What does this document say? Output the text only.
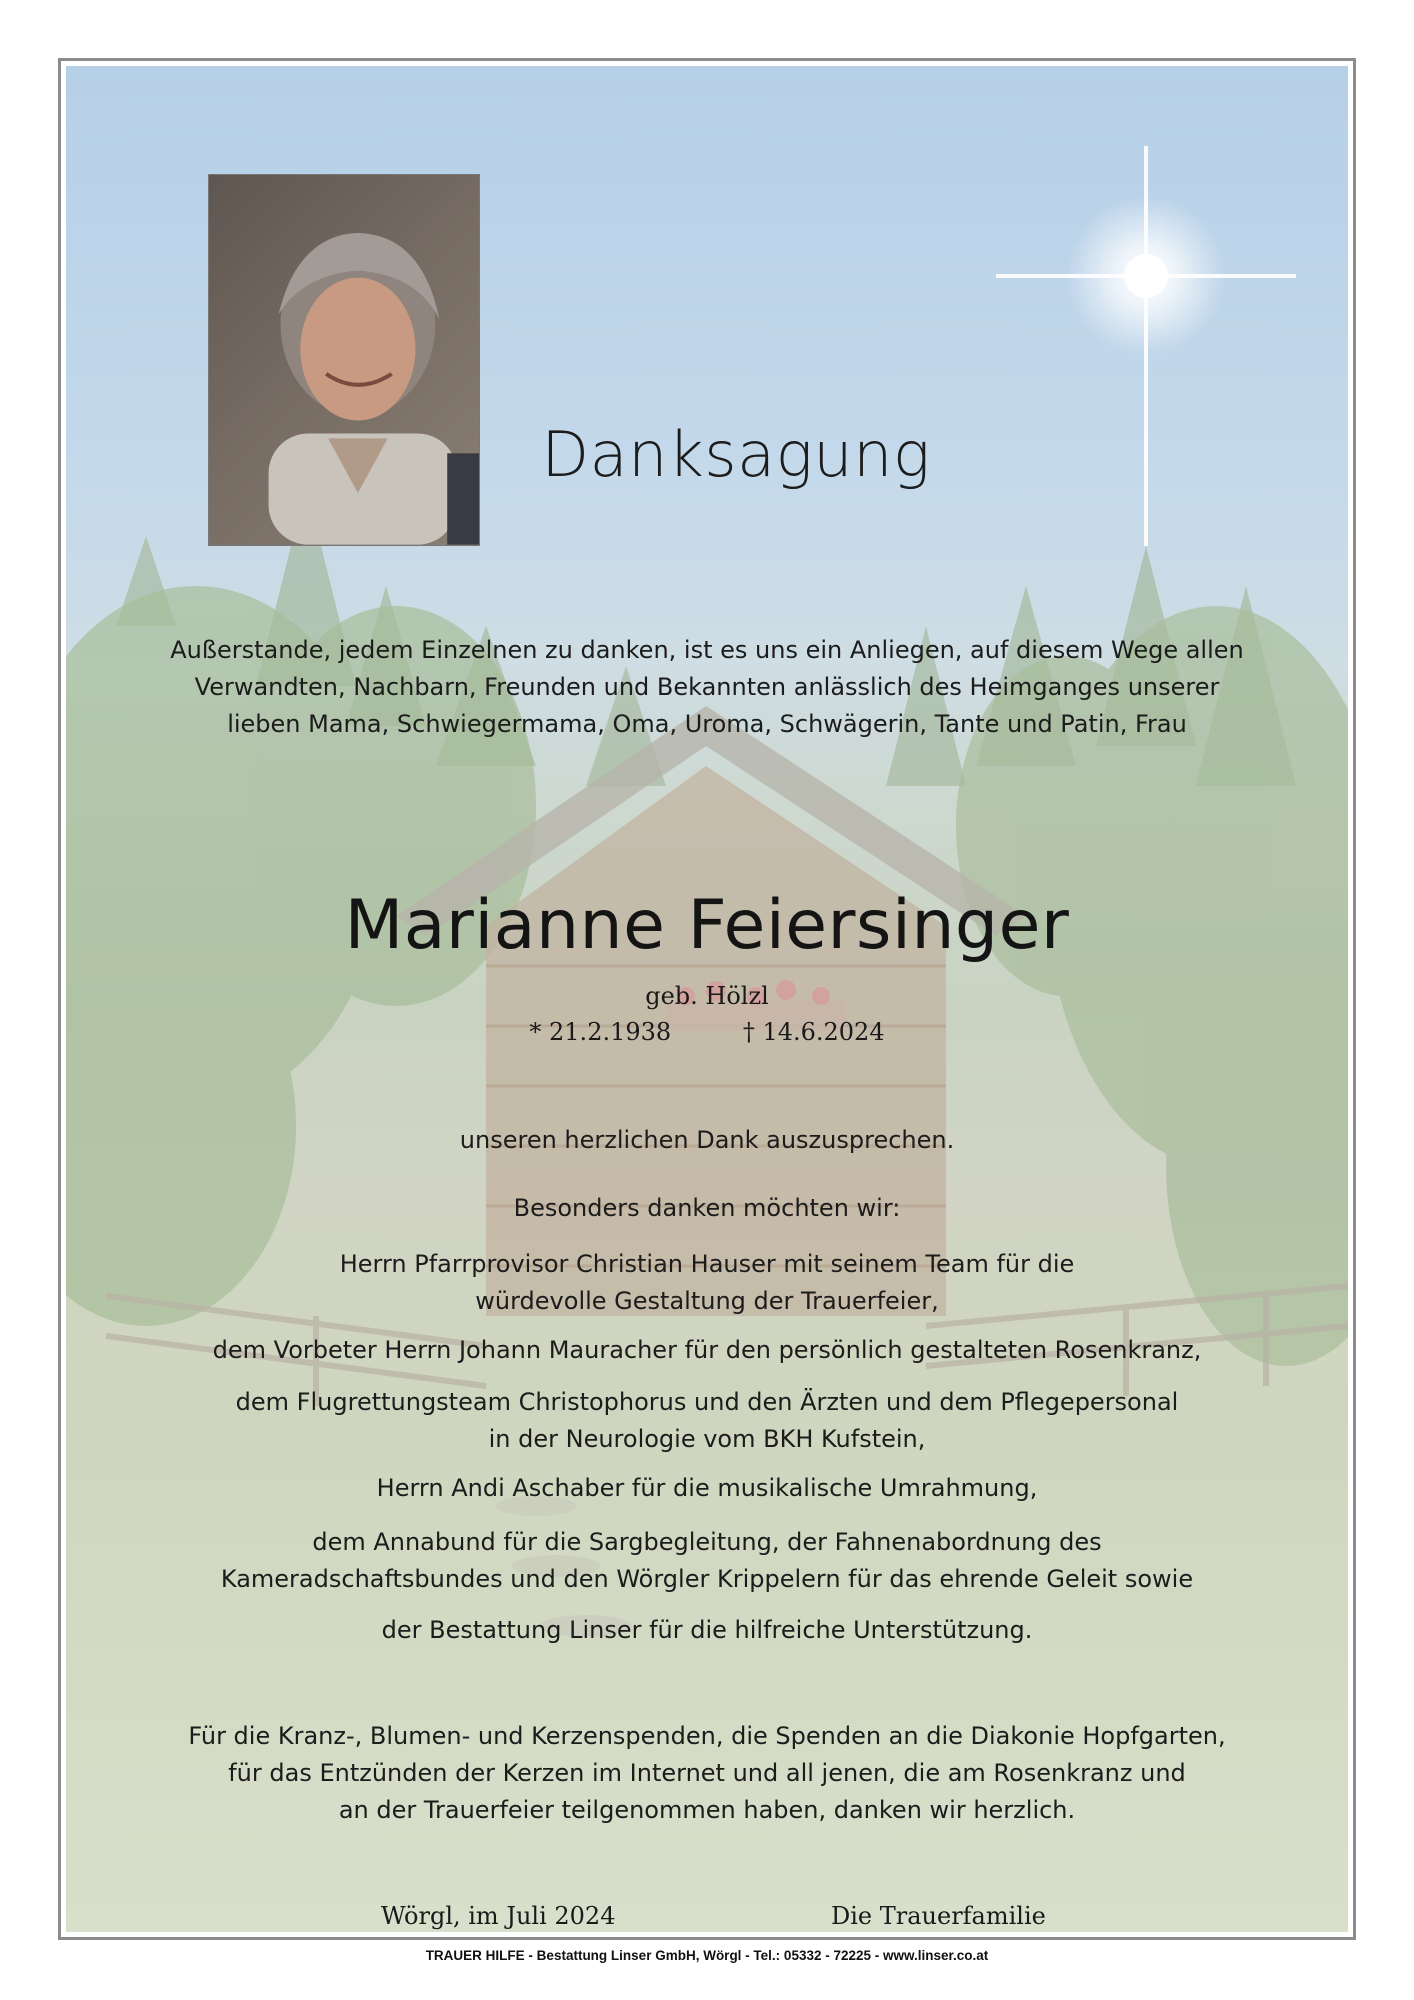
Danksagung
Außerstande, jedem Einzelnen zu danken, ist es uns ein Anliegen, auf diesem Wege allen
Verwandten, Nachbarn, Freunden und Bekannten anlässlich des Heimganges unserer
lieben Mama, Schwiegermama, Oma, Uroma, Schwägerin, Tante und Patin, Frau
Marianne Feiersinger
geb. Hölzl
* 21.2.1938	† 14.6.2024
unseren herzlichen Dank auszusprechen.
Besonders danken möchten wir:
Herrn Pfarrprovisor Christian Hauser mit seinem Team für die
würdevolle Gestaltung der Trauerfeier,
dem Vorbeter Herrn Johann Mauracher für den persönlich gestalteten Rosenkranz,
dem Flugrettungsteam Christophorus und den Ärzten und dem Pflegepersonal
in der Neurologie vom BKH Kufstein,
Herrn Andi Aschaber für die musikalische Umrahmung,
dem Annabund für die Sargbegleitung, der Fahnenabordnung des
Kameradschaftsbundes und den Wörgler Krippelern für das ehrende Geleit sowie
der Bestattung Linser für die hilfreiche Unterstützung.
Für die Kranz-, Blumen- und Kerzenspenden, die Spenden an die Diakonie Hopfgarten,
für das Entzünden der Kerzen im Internet und all jenen, die am Rosenkranz und
an der Trauerfeier teilgenommen haben, danken wir herzlich.
Wörgl, im Juli 2024	Die Trauerfamilie
TRAUER HILFE - Bestattung Linser GmbH, Wörgl - Tel.: 05332 - 72225 - www.linser.co.at
